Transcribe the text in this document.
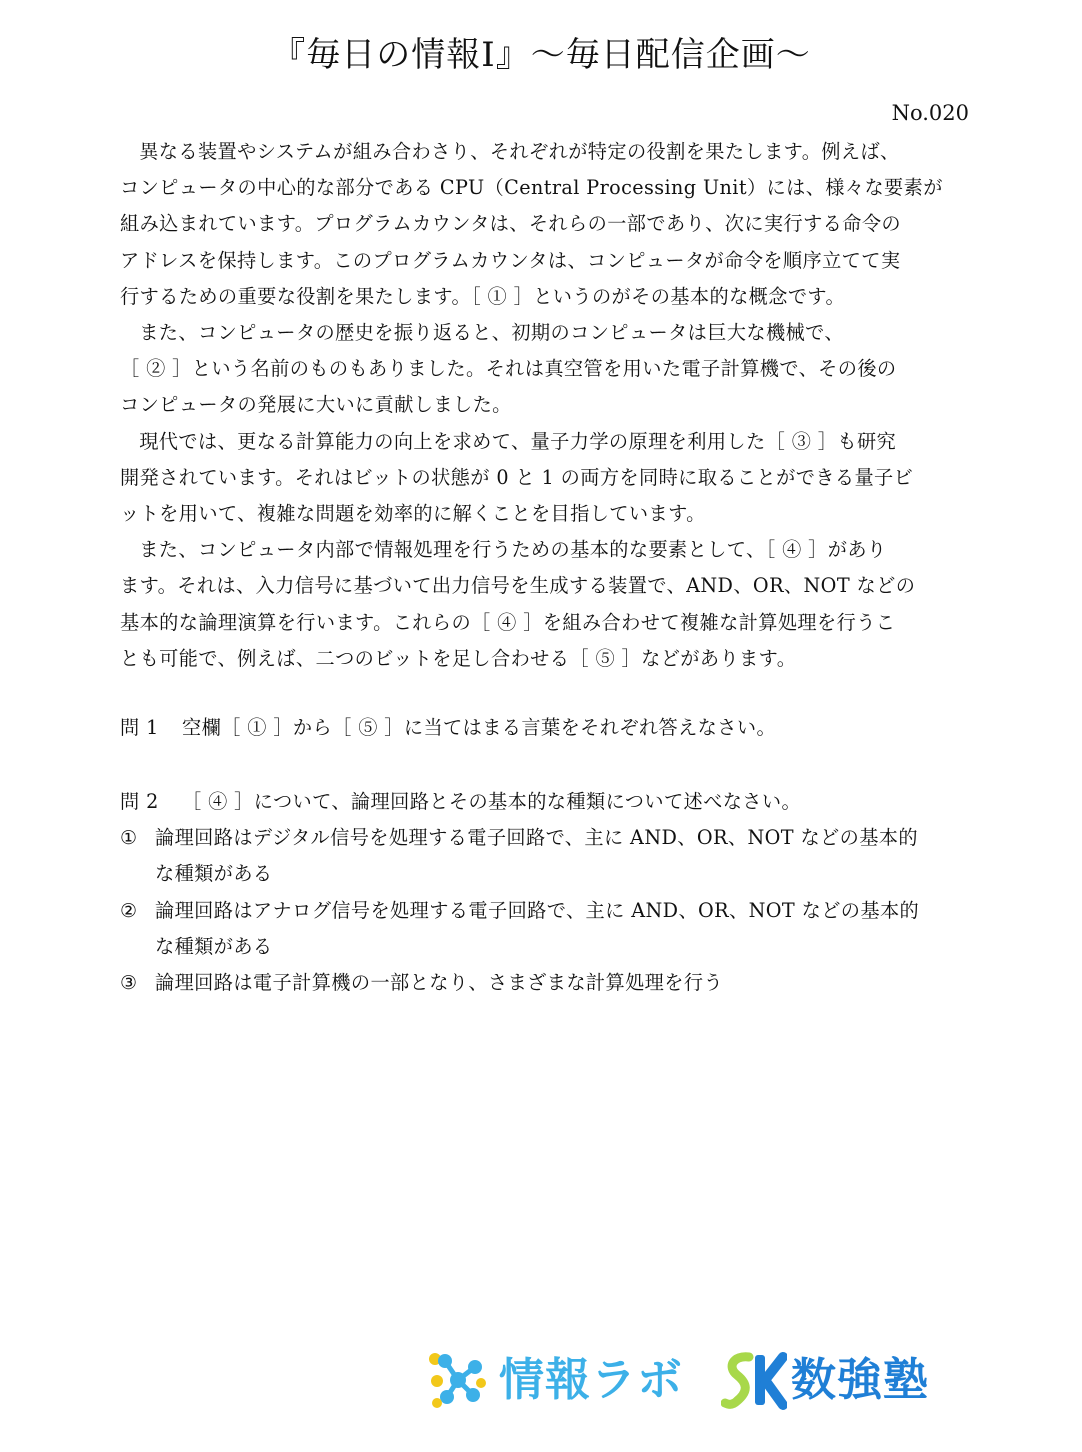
『毎日の情報Ⅰ』〜毎日配信企画〜
No.020

異なる装置やシステムが組み合わさり、それぞれが特定の役割を果たします。例えば、
コンピュータの中心的な部分である CPU（Central Processing Unit）には、様々な要素が
組み込まれています。プログラムカウンタは、それらの一部であり、次に実行する命令の
アドレスを保持します。このプログラムカウンタは、コンピュータが命令を順序立てて実
行するための重要な役割を果たします。［ ① ］というのがその基本的な概念です。

また、コンピュータの歴史を振り返ると、初期のコンピュータは巨大な機械で、
［ ② ］という名前のものもありました。それは真空管を用いた電子計算機で、その後の
コンピュータの発展に大いに貢献しました。

現代では、更なる計算能力の向上を求めて、量子力学の原理を利用した［ ③ ］も研究
開発されています。それはビットの状態が 0 と 1 の両方を同時に取ることができる量子ビ
ットを用いて、複雑な問題を効率的に解くことを目指しています。

また、コンピュータ内部で情報処理を行うための基本的な要素として、［ ④ ］があり
ます。それは、入力信号に基づいて出力信号を生成する装置で、AND、OR、NOT などの
基本的な論理演算を行います。これらの［ ④ ］を組み合わせて複雑な計算処理を行うこ
とも可能で、例えば、二つのビットを足し合わせる［ ⑤ ］などがあります。

問 1 空欄［ ① ］から［ ⑤ ］に当てはまる言葉をそれぞれ答えなさい。
問 2 ［ ④ ］について、論理回路とその基本的な種類について述べなさい。
① 論理回路はデジタル信号を処理する電子回路で、主に AND、OR、NOT などの基本的
な種類がある
② 論理回路はアナログ信号を処理する電子回路で、主に AND、OR、NOT などの基本的
な種類がある
③ 論理回路は電子計算機の一部となり、さまざまな計算処理を行う
情報ラボ 数強塾
